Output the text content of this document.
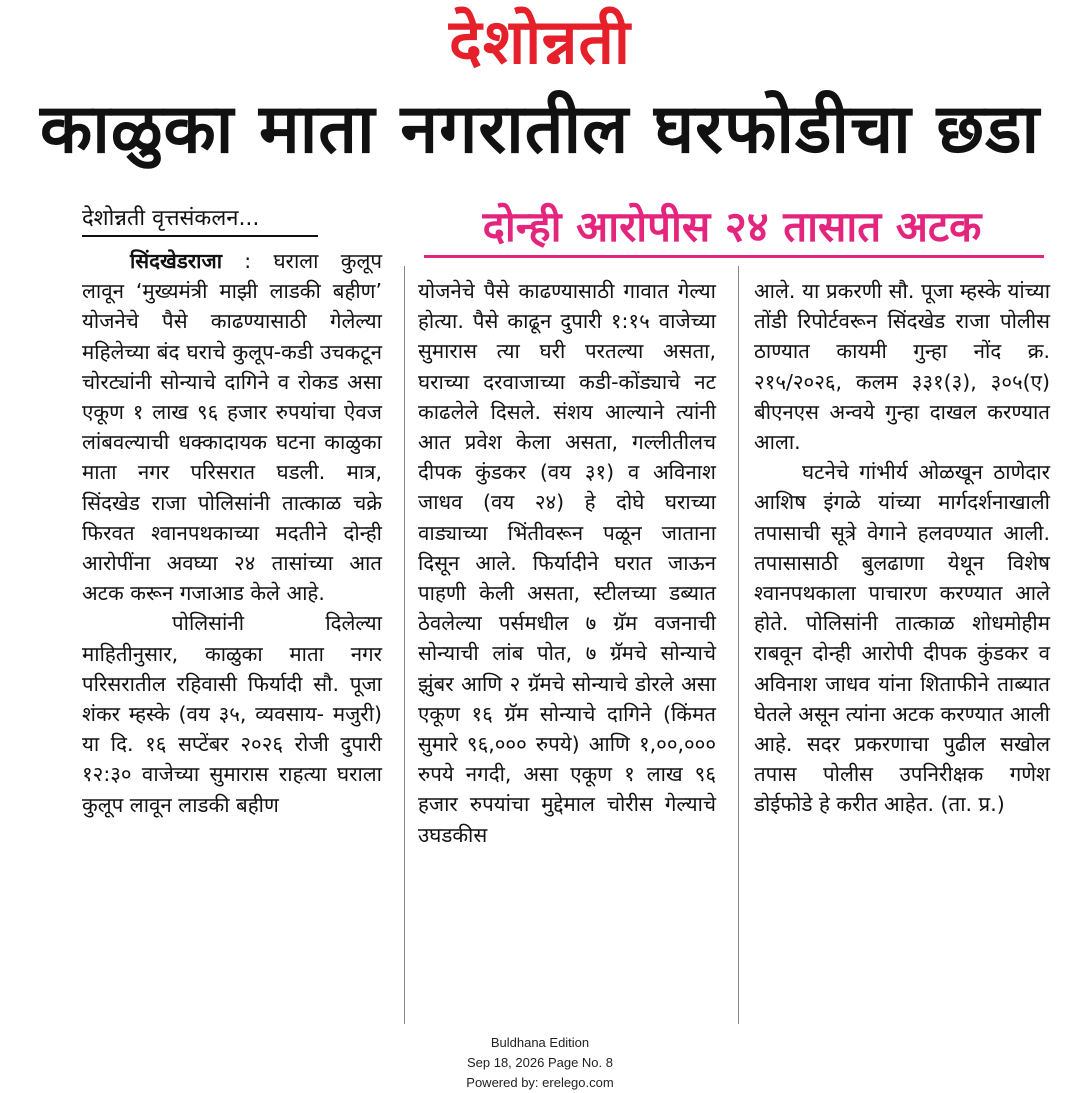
देशोन्नती
काळुका माता नगरातील घरफोडीचा छडा
देशोन्नती वृत्तसंकलन...	दोन्ही आरोपीस २४ तासात अटक

सिंदखेडराजा : घराला कुलूप लावून ‘मुख्यमंत्री माझी लाडकी बहीण’ योजनेचे पैसे काढण्यासाठी गेलेल्या महिलेच्या बंद घराचे कुलूप-कडी उचकटून चोरट्यांनी सोन्याचे दागिने व रोकड असा एकूण १ लाख ९६ हजार रुपयांचा ऐवज लांबवल्याची धक्कादायक घटना काळुका माता नगर परिसरात घडली. मात्र, सिंदखेड राजा पोलिसांनी तात्काळ चक्रे फिरवत श्वानपथकाच्या मदतीने दोन्ही आरोपींना अवघ्या २४ तासांच्या आत अटक करून गजाआड केले आहे.

पोलिसांनी दिलेल्या माहितीनुसार, काळुका माता नगर परिसरातील रहिवासी फिर्यादी सौ. पूजा शंकर म्हस्के (वय ३५, व्यवसाय- मजुरी) या दि. १६ सप्टेंबर २०२६ रोजी दुपारी १२:३० वाजेच्या सुमारास राहत्या घराला कुलूप लावून लाडकी बहीण

योजनेचे पैसे काढण्यासाठी गावात गेल्या होत्या. पैसे काढून दुपारी १:१५ वाजेच्या सुमारास त्या घरी परतल्या असता, घराच्या दरवाजाच्या कडी-कोंड्याचे नट काढलेले दिसले. संशय आल्याने त्यांनी आत प्रवेश केला असता, गल्लीतीलच दीपक कुंडकर (वय ३१) व अविनाश जाधव (वय २४) हे दोघे घराच्या वाड्याच्या भिंतीवरून पळून जाताना दिसून आले. फिर्यादीने घरात जाऊन पाहणी केली असता, स्टीलच्या डब्यात ठेवलेल्या पर्समधील ७ ग्रॅम वजनाची सोन्याची लांब पोत, ७ ग्रॅमचे सोन्याचे झुंबर आणि २ ग्रॅमचे सोन्याचे डोरले असा एकूण १६ ग्रॅम सोन्याचे दागिने (किंमत सुमारे ९६,००० रुपये) आणि १,००,००० रुपये नगदी, असा एकूण १ लाख ९६ हजार रुपयांचा मुद्देमाल चोरीस गेल्याचे उघडकीस

आले. या प्रकरणी सौ. पूजा म्हस्के यांच्या तोंडी रिपोर्टवरून सिंदखेड राजा पोलीस ठाण्यात कायमी गुन्हा नोंद क्र. २१५/२०२६, कलम ३३१(३), ३०५(ए) बीएनएस अन्वये गुन्हा दाखल करण्यात आला.

घटनेचे गांभीर्य ओळखून ठाणेदार आशिष इंगळे यांच्या मार्गदर्शनाखाली तपासाची सूत्रे वेगाने हलवण्यात आली. तपासासाठी बुलढाणा येथून विशेष श्वानपथकाला पाचारण करण्यात आले होते. पोलिसांनी तात्काळ शोधमोहीम राबवून दोन्ही आरोपी दीपक कुंडकर व अविनाश जाधव यांना शिताफीने ताब्यात घेतले असून त्यांना अटक करण्यात आली आहे. सदर प्रकरणाचा पुढील सखोल तपास पोलीस उपनिरीक्षक गणेश डोईफोडे हे करीत आहेत. (ता. प्र.)

Buldhana Edition
Sep 18, 2026 Page No. 8
Powered by: erelego.com
